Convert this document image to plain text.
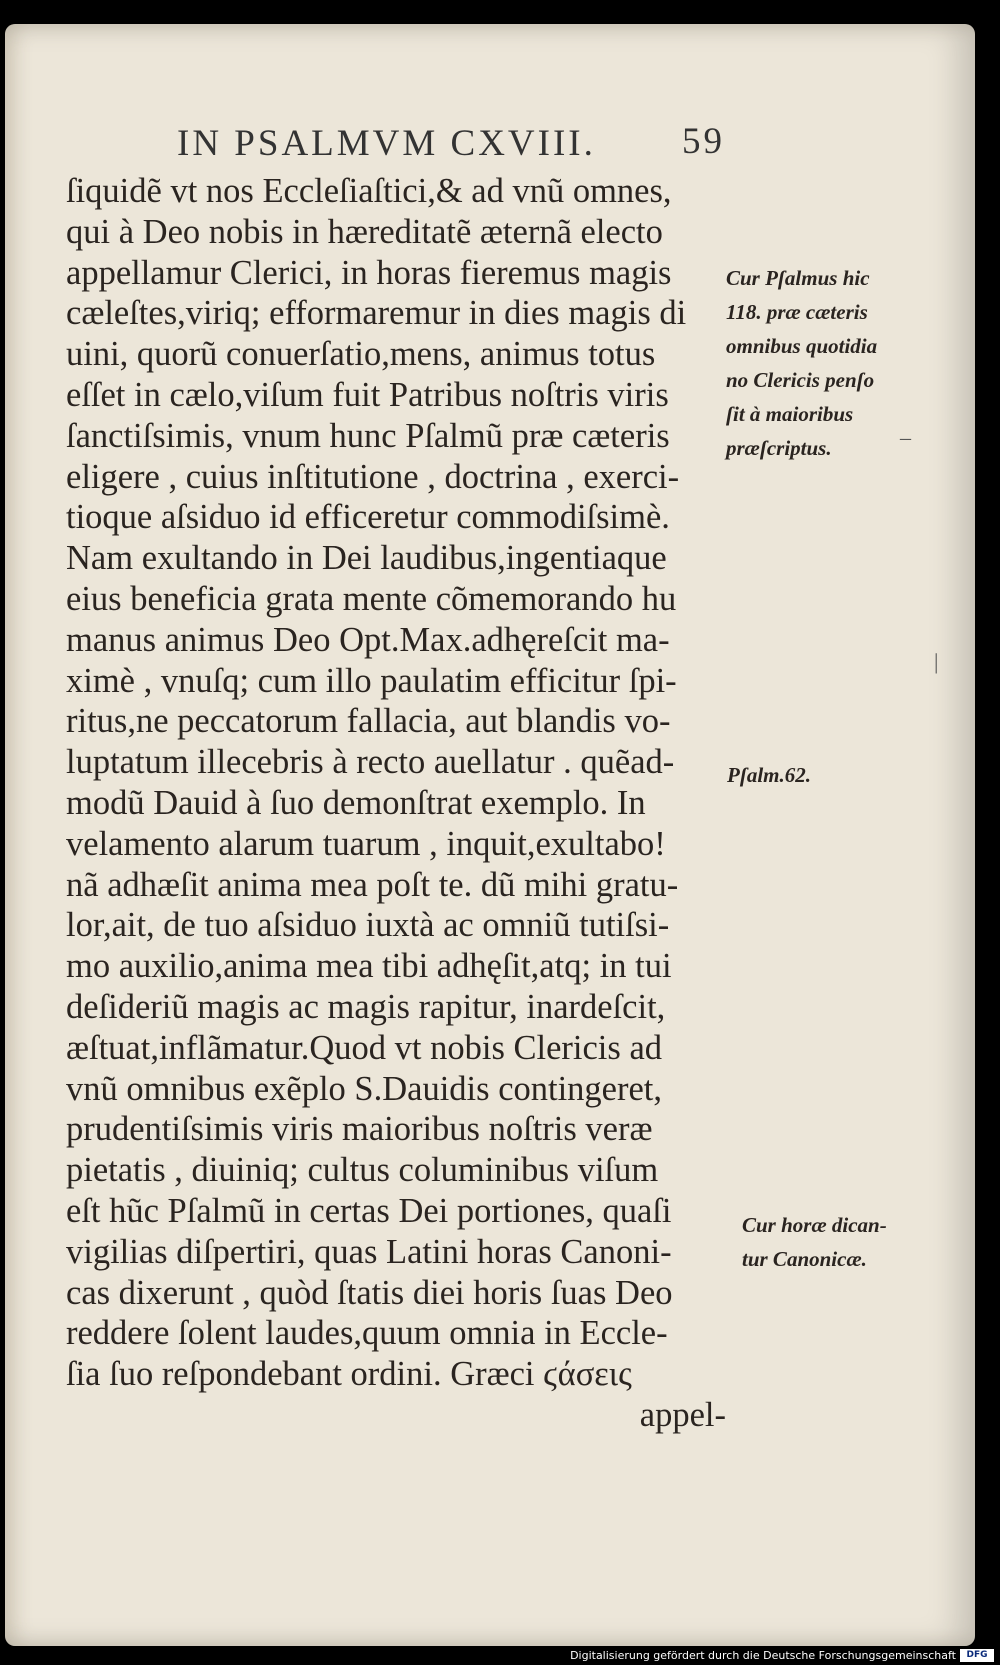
IN PSALMVM CXVIII. 59
ſiquidẽ vt nos Eccleſiaſtici,& ad vnũ omnes,
qui à Deo nobis in hæreditatẽ æternã electo
appellamur Clerici, in horas fieremus magis
cæleſtes,viriq; efformaremur in dies magis di
uini, quorũ conuerſatio,mens, animus totus
eſſet in cælo,viſum fuit Patribus noſtris viris
ſanctiſsimis, vnum hunc Pſalmũ præ cæteris
eligere , cuius inſtitutione , doctrina , exerci-
tioque aſsiduo id efficeretur commodiſsimè.
Nam exultando in Dei laudibus,ingentiaque
eius beneficia grata mente cõmemorando hu
manus animus Deo Opt.Max.adhęreſcit ma-
ximè , vnuſq; cum illo paulatim efficitur ſpi-
ritus,ne peccatorum fallacia, aut blandis vo-
luptatum illecebris à recto auellatur . quẽad-
modũ Dauid à ſuo demonſtrat exemplo. In
velamento alarum tuarum , inquit,exultabo!
nã adhæſit anima mea poſt te. dũ mihi gratu-
lor,ait, de tuo aſsiduo iuxtà ac omniũ tutiſsi-
mo auxilio,anima mea tibi adhęſit,atq; in tui
deſideriũ magis ac magis rapitur, inardeſcit,
æſtuat,inflãmatur.Quod vt nobis Clericis ad
vnũ omnibus exẽplo S.Dauidis contingeret,
prudentiſsimis viris maioribus noſtris veræ
pietatis , diuiniq; cultus columinibus viſum
eſt hũc Pſalmũ in certas Dei portiones, quaſi
vigilias diſpertiri, quas Latini horas Canoni-
cas dixerunt , quòd ſtatis diei horis ſuas Deo
reddere ſolent laudes,quum omnia in Eccle-
ſia ſuo reſpondebant ordini. Græci ϛάσεις
appel-
Cur Pſalmus hic
118. præ cæteris
omnibus quotidia
no Clericis penſo
ſit à maioribus
præſcriptus.
Pſalm.62.
Cur horæ dican-
tur Canonicæ.
_
|
Digitalisierung gefördert durch die Deutsche Forschungsgemeinschaft	DFG
